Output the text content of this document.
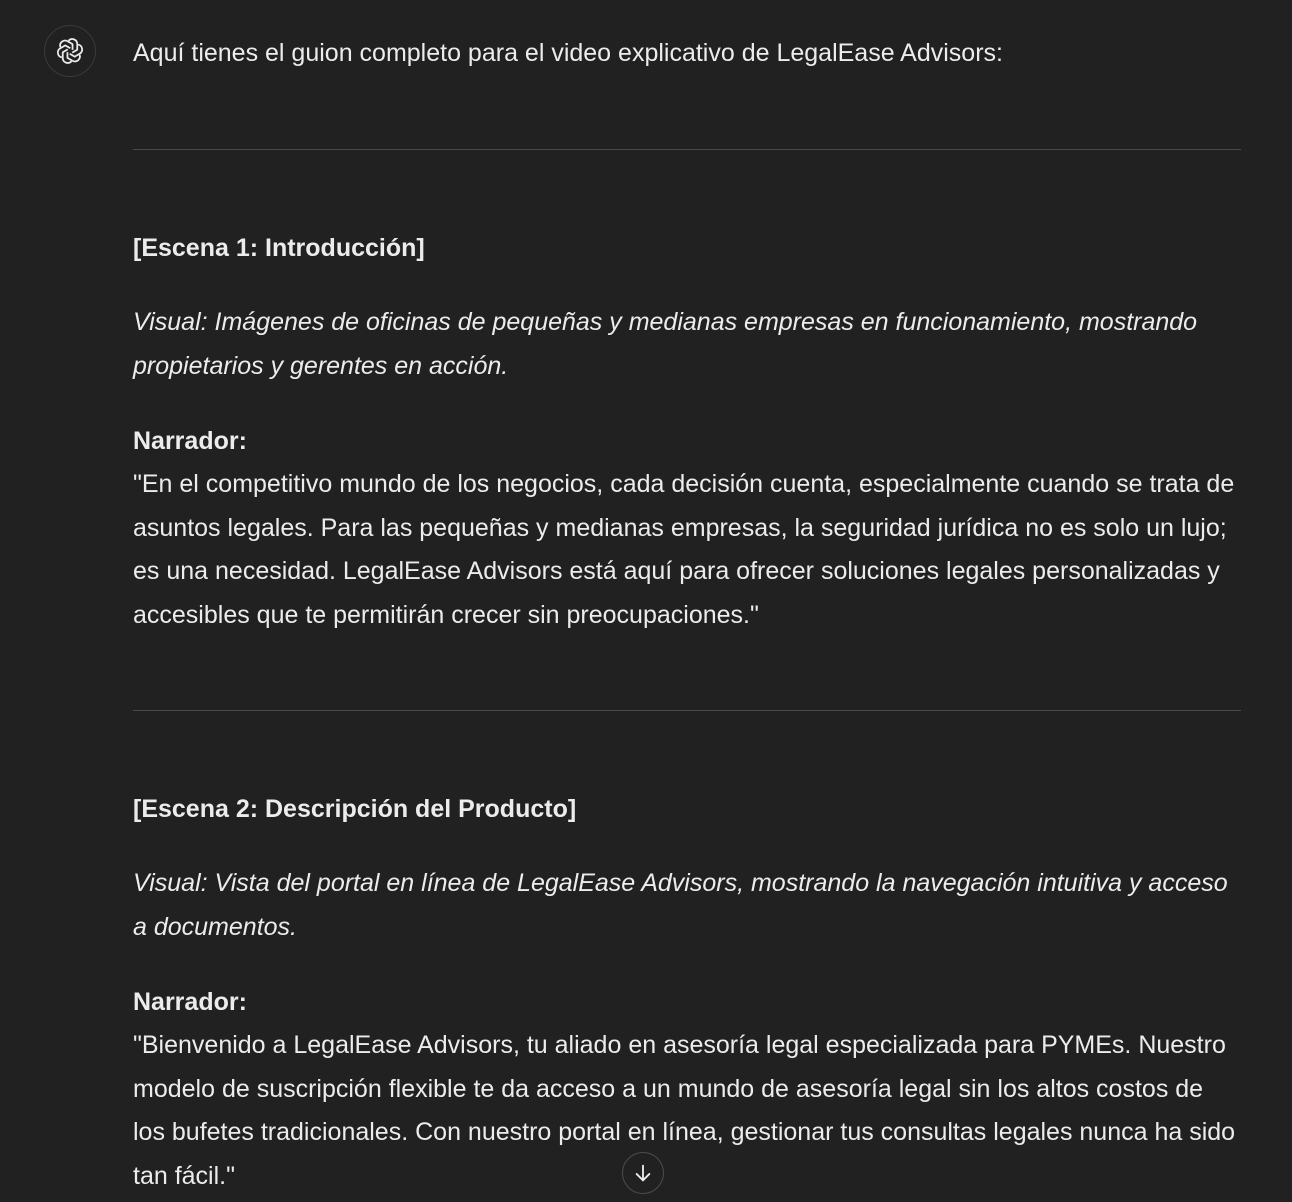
Aquí tienes el guion completo para el video explicativo de LegalEase Advisors:
[Escena 1: Introducción]
Visual: Imágenes de oficinas de pequeñas y medianas empresas en funcionamiento, mostrando propietarios y gerentes en acción.
Narrador:
"En el competitivo mundo de los negocios, cada decisión cuenta, especialmente cuando se trata de asuntos legales. Para las pequeñas y medianas empresas, la seguridad jurídica no es solo un lujo; es una necesidad. LegalEase Advisors está aquí para ofrecer soluciones legales personalizadas y accesibles que te permitirán crecer sin preocupaciones."
[Escena 2: Descripción del Producto]
Visual: Vista del portal en línea de LegalEase Advisors, mostrando la navegación intuitiva y acceso a documentos.
Narrador:
"Bienvenido a LegalEase Advisors, tu aliado en asesoría legal especializada para PYMEs. Nuestro modelo de suscripción flexible te da acceso a un mundo de asesoría legal sin los altos costos de los bufetes tradicionales. Con nuestro portal en línea, gestionar tus consultas legales nunca ha sido tan fácil."
